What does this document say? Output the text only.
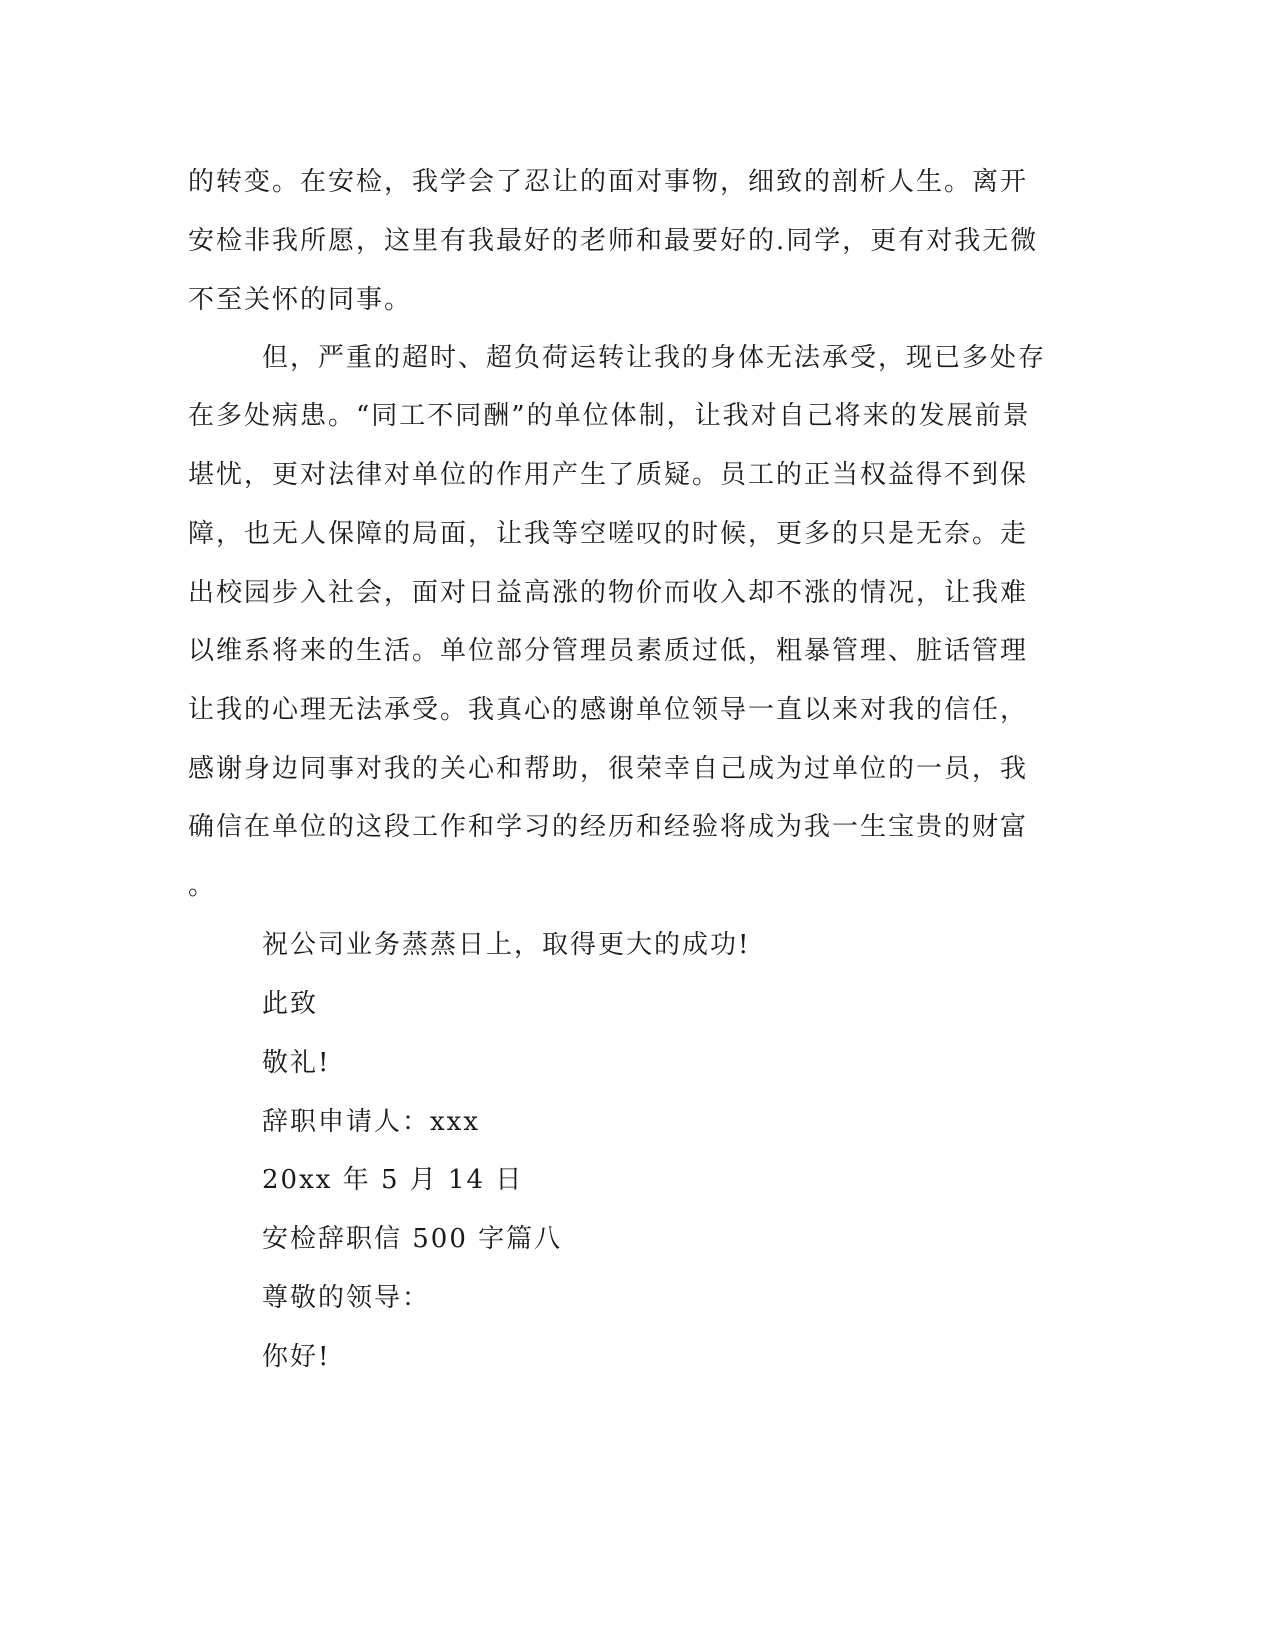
的转变。在安检，我学会了忍让的面对事物，细致的剖析人生。离开
安检非我所愿，这里有我最好的老师和最要好的.同学，更有对我无微
不至关怀的同事。
但，严重的超时、超负荷运转让我的身体无法承受，现已多处存
在多处病患。“同工不同酬”的单位体制，让我对自己将来的发展前景
堪忧，更对法律对单位的作用产生了质疑。员工的正当权益得不到保
障，也无人保障的局面，让我等空嗟叹的时候，更多的只是无奈。走
出校园步入社会，面对日益高涨的物价而收入却不涨的情况，让我难
以维系将来的生活。单位部分管理员素质过低，粗暴管理、脏话管理
让我的心理无法承受。我真心的感谢单位领导一直以来对我的信任，
感谢身边同事对我的关心和帮助，很荣幸自己成为过单位的一员，我
确信在单位的这段工作和学习的经历和经验将成为我一生宝贵的财富
。
祝公司业务蒸蒸日上，取得更大的成功!
此致
敬礼!
辞职申请人：xxx
20xx 年 5 月 14 日
安检辞职信 500 字篇八
尊敬的领导：
你好!
